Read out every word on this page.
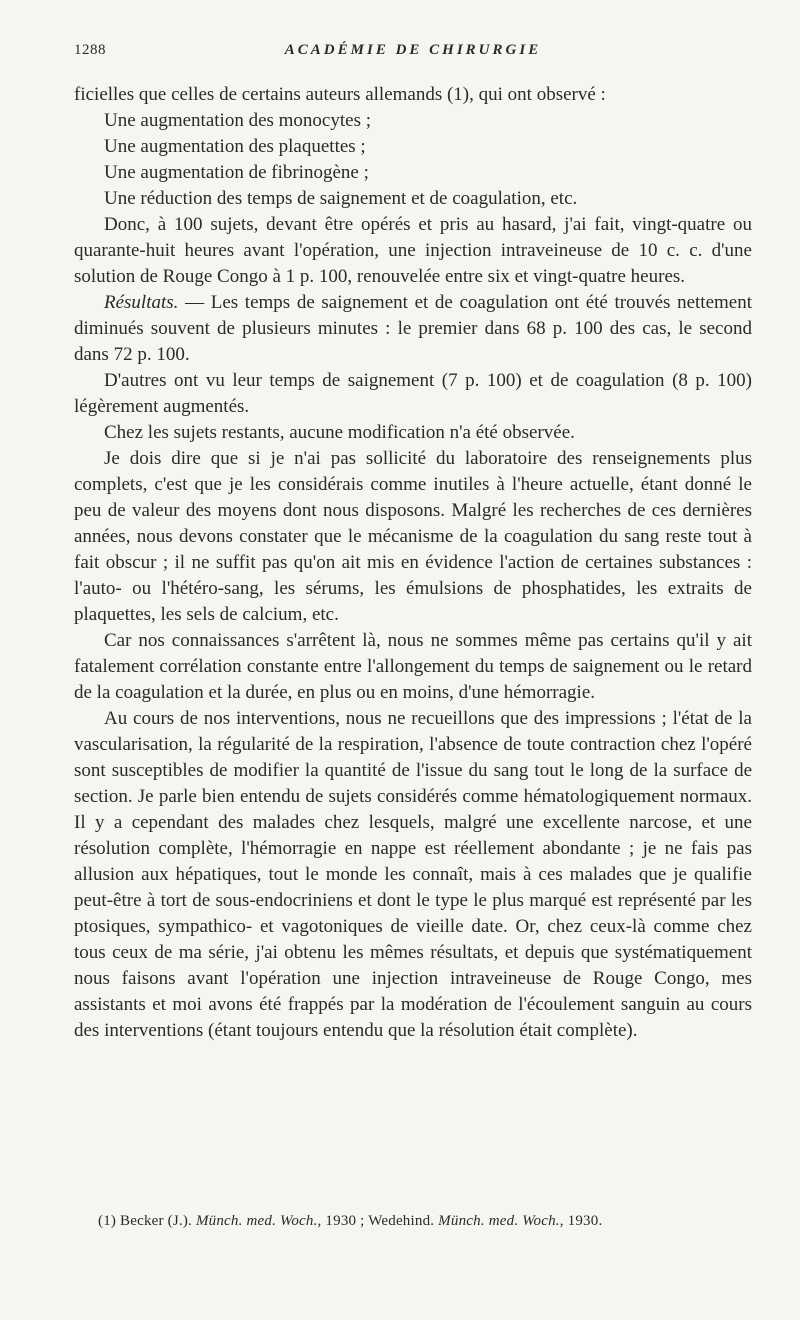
1288	ACADÉMIE DE CHIRURGIE

ficielles que celles de certains auteurs allemands (1), qui ont observé :

Une augmentation des monocytes ;

Une augmentation des plaquettes ;

Une augmentation de fibrinogène ;

Une réduction des temps de saignement et de coagulation, etc.

Donc, à 100 sujets, devant être opérés et pris au hasard, j'ai fait, vingt-quatre ou quarante-huit heures avant l'opération, une injection intraveineuse de 10 c. c. d'une solution de Rouge Congo à 1 p. 100, renouvelée entre six et vingt-quatre heures.

Résultats. — Les temps de saignement et de coagulation ont été trouvés nettement diminués souvent de plusieurs minutes : le premier dans 68 p. 100 des cas, le second dans 72 p. 100.

D'autres ont vu leur temps de saignement (7 p. 100) et de coagulation (8 p. 100) légèrement augmentés.

Chez les sujets restants, aucune modification n'a été observée.

Je dois dire que si je n'ai pas sollicité du laboratoire des renseignements plus complets, c'est que je les considérais comme inutiles à l'heure actuelle, étant donné le peu de valeur des moyens dont nous disposons. Malgré les recherches de ces dernières années, nous devons constater que le mécanisme de la coagulation du sang reste tout à fait obscur ; il ne suffit pas qu'on ait mis en évidence l'action de certaines substances : l'auto- ou l'hétéro-sang, les sérums, les émulsions de phosphatides, les extraits de plaquettes, les sels de calcium, etc.

Car nos connaissances s'arrêtent là, nous ne sommes même pas certains qu'il y ait fatalement corrélation constante entre l'allongement du temps de saignement ou le retard de la coagulation et la durée, en plus ou en moins, d'une hémorragie.

Au cours de nos interventions, nous ne recueillons que des impressions ; l'état de la vascularisation, la régularité de la respiration, l'absence de toute contraction chez l'opéré sont susceptibles de modifier la quantité de l'issue du sang tout le long de la surface de section. Je parle bien entendu de sujets considérés comme hématologiquement normaux. Il y a cependant des malades chez lesquels, malgré une excellente narcose, et une résolution complète, l'hémorragie en nappe est réellement abondante ; je ne fais pas allusion aux hépatiques, tout le monde les connaît, mais à ces malades que je qualifie peut-être à tort de sous-endocriniens et dont le type le plus marqué est représenté par les ptosiques, sympathico- et vagotoniques de vieille date. Or, chez ceux-là comme chez tous ceux de ma série, j'ai obtenu les mêmes résultats, et depuis que systématiquement nous faisons avant l'opération une injection intraveineuse de Rouge Congo, mes assistants et moi avons été frappés par la modération de l'écoulement sanguin au cours des interventions (étant toujours entendu que la résolution était complète).

(1) Becker (J.). Münch. med. Woch., 1930 ; Wedehind. Münch. med. Woch., 1930.
